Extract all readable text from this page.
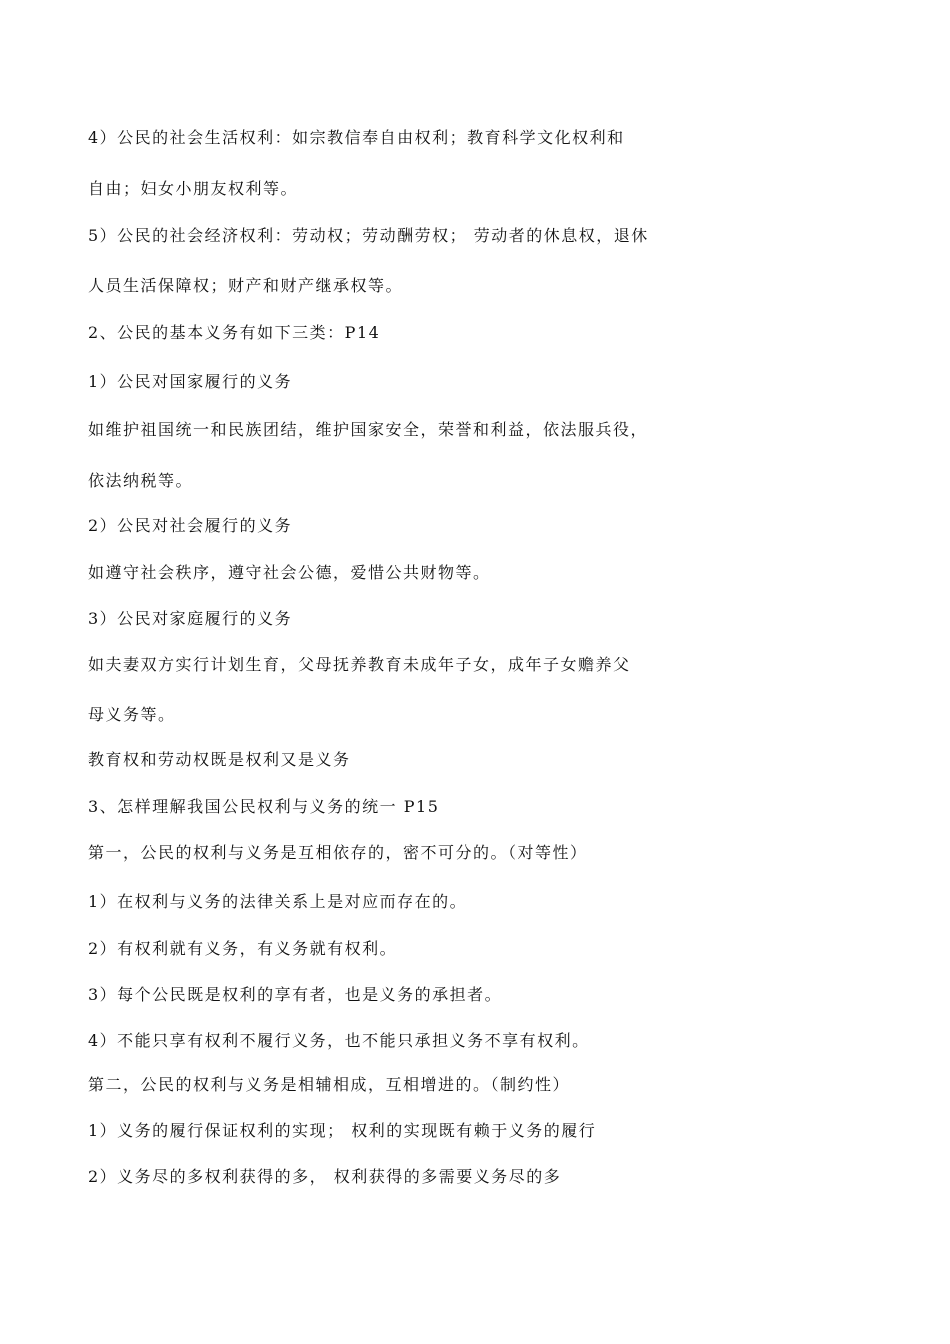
4）公民的社会生活权利：如宗教信奉自由权利；教育科学文化权利和
自由；妇女小朋友权利等。
5）公民的社会经济权利：劳动权；劳动酬劳权； 劳动者的休息权，退休
人员生活保障权；财产和财产继承权等。
2、公民的基本义务有如下三类：P14
1）公民对国家履行的义务
如维护祖国统一和民族团结，维护国家安全，荣誉和利益，依法服兵役，
依法纳税等。
2）公民对社会履行的义务
如遵守社会秩序，遵守社会公德，爱惜公共财物等。
3）公民对家庭履行的义务
如夫妻双方实行计划生育，父母抚养教育未成年子女，成年子女赡养父
母义务等。
教育权和劳动权既是权利又是义务
3、怎样理解我国公民权利与义务的统一 P15
第一，公民的权利与义务是互相依存的，密不可分的。（对等性）
1）在权利与义务的法律关系上是对应而存在的。
2）有权利就有义务，有义务就有权利。
3）每个公民既是权利的享有者，也是义务的承担者。
4）不能只享有权利不履行义务，也不能只承担义务不享有权利。
第二，公民的权利与义务是相辅相成，互相增进的。（制约性）
1）义务的履行保证权利的实现； 权利的实现既有赖于义务的履行
2）义务尽的多权利获得的多， 权利获得的多需要义务尽的多
